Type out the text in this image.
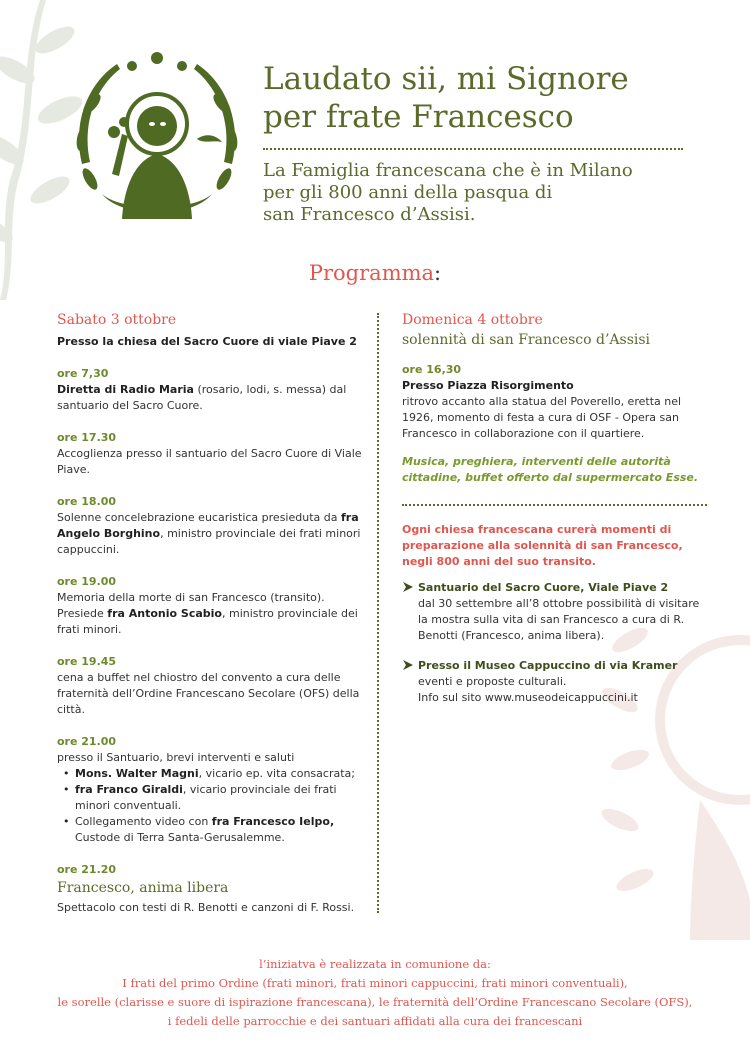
Laudato sii, mi Signore
per frate Francesco
La Famiglia francescana che è in Milano
per gli 800 anni della pasqua di
san Francesco d’Assisi.
Programma:
Sabato 3 ottobre
Presso la chiesa del Sacro Cuore di viale Piave 2
ore 7,30
Diretta di Radio Maria (rosario, lodi, s. messa) dal santuario del Sacro Cuore.
ore 17.30
Accoglienza presso il santuario del Sacro Cuore di Viale Piave.
ore 18.00
Solenne concelebrazione eucaristica presieduta da fra Angelo Borghino, ministro provinciale dei frati minori cappuccini.
ore 19.00
Memoria della morte di san Francesco (transito). Presiede fra Antonio Scabio, ministro provinciale dei frati minori.
ore 19.45
cena a buffet nel chiostro del convento a cura delle fraternità dell’Ordine Francescano Secolare (OFS) della città.
ore 21.00
presso il Santuario, brevi interventi e saluti
• Mons. Walter Magni, vicario ep. vita consacrata;
• fra Franco Giraldi, vicario provinciale dei frati minori conventuali.
• Collegamento video con fra Francesco Ielpo, Custode di Terra Santa-Gerusalemme.
ore 21.20
Francesco, anima libera
Spettacolo con testi di R. Benotti e canzoni di F. Rossi.
Domenica 4 ottobre
solennità di san Francesco d’Assisi
ore 16,30
Presso Piazza Risorgimento
ritrovo accanto alla statua del Poverello, eretta nel 1926, momento di festa a cura di OSF - Opera san Francesco in collaborazione con il quartiere.
Musica, preghiera, interventi delle autorità cittadine, buffet offerto dal supermercato Esse.
Ogni chiesa francescana curerà momenti di preparazione alla solennità di san Francesco, negli 800 anni del suo transito.
Santuario del Sacro Cuore, Viale Piave 2
dal 30 settembre all’8 ottobre possibilità di visitare la mostra sulla vita di san Francesco a cura di R. Benotti (Francesco, anima libera).
Presso il Museo Cappuccino di via Kramer
eventi e proposte culturali.
Info sul sito www.museodeicappuccini.it
l’iniziatva è realizzata in comunione da:
I frati del primo Ordine (frati minori, frati minori cappuccini, frati minori conventuali),
le sorelle (clarisse e suore di ispirazione francescana), le fraternità dell’Ordine Francescano Secolare (OFS),
i fedeli delle parrocchie e dei santuari affidati alla cura dei francescani
